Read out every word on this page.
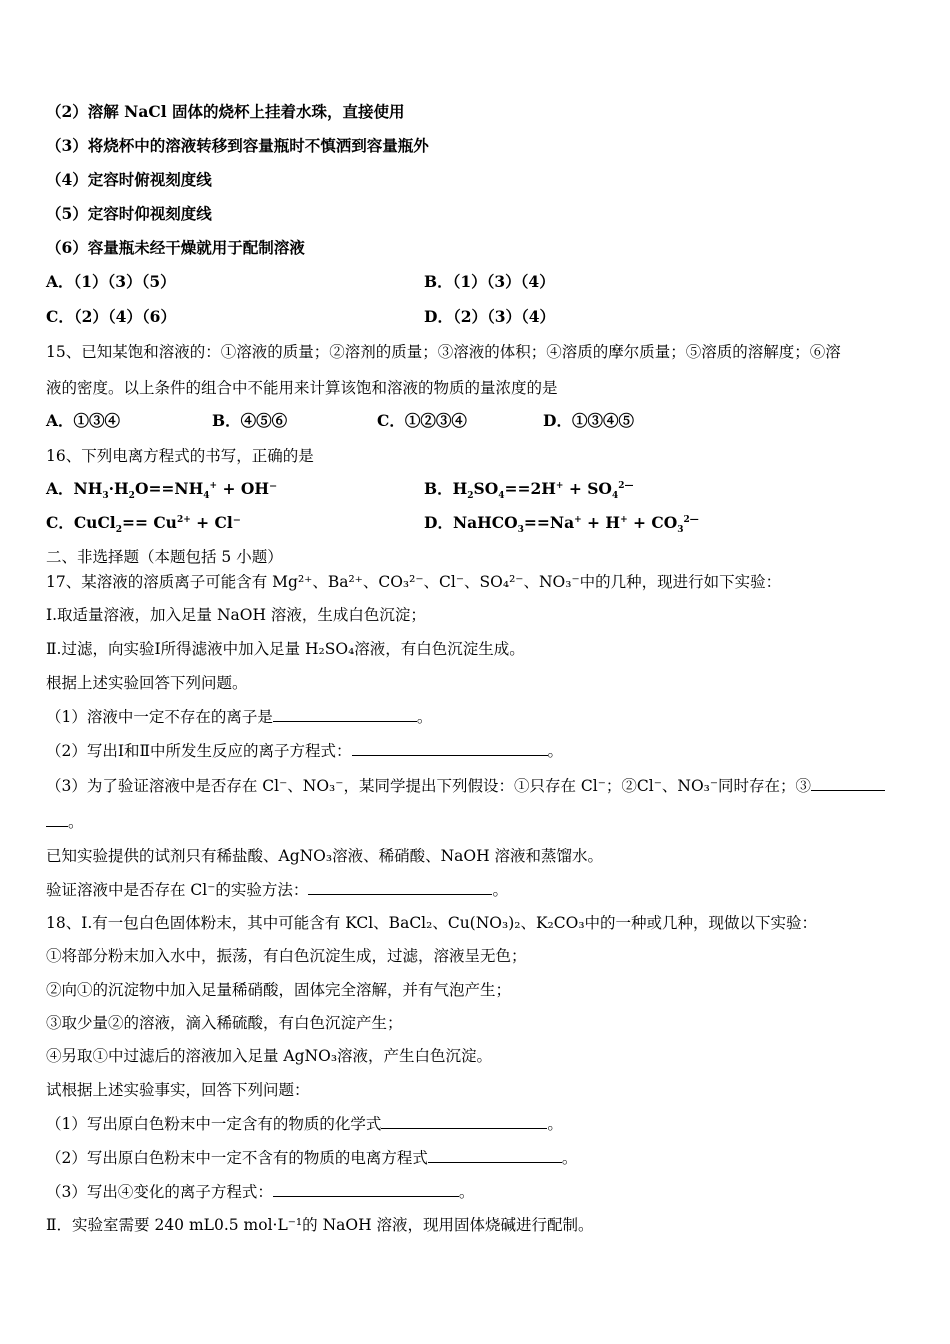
（2）溶解 NaCl 固体的烧杯上挂着水珠，直接使用
（3）将烧杯中的溶液转移到容量瓶时不慎洒到容量瓶外
（4）定容时俯视刻度线
（5）定容时仰视刻度线
（6）容量瓶未经干燥就用于配制溶液
A．（1）（3）（5）	B．（1）（3）（4）
C．（2）（4）（6）	D．（2）（3）（4）
15、已知某饱和溶液的：①溶液的质量；②溶剂的质量；③溶液的体积；④溶质的摩尔质量；⑤溶质的溶解度；⑥溶
液的密度。以上条件的组合中不能用来计算该饱和溶液的物质的量浓度的是
A．①③④	B．④⑤⑥	C．①②③④	D．①③④⑤
16、下列电离方程式的书写，正确的是
A．$NH_3\cdot H_2O==NH_4^+ + OH^-$	B．$H_2SO_4==2H^+ + SO_4^{2—}$
C．CuCl$_2$== $Cu^{2+} + Cl^-$	D．NaHCO$_3$==Na+ + $H^+ + CO_3^{2—}$
二、非选择题（本题包括 5 小题）
17、某溶液的溶质离子可能含有 Mg²⁺、Ba²⁺、CO₃²⁻、Cl⁻、SO₄²⁻、NO₃⁻中的几种，现进行如下实验：
Ⅰ.取适量溶液，加入足量 NaOH 溶液，生成白色沉淀；
Ⅱ.过滤，向实验Ⅰ所得滤液中加入足量 H₂SO₄溶液，有白色沉淀生成。
根据上述实验回答下列问题。
（1）溶液中一定不存在的离子是	。
（2）写出Ⅰ和Ⅱ中所发生反应的离子方程式：	。
（3）为了验证溶液中是否存在 Cl⁻、NO₃⁻，某同学提出下列假设：①只存在 Cl⁻；②Cl⁻、NO₃⁻同时存在；③
。
已知实验提供的试剂只有稀盐酸、AgNO₃溶液、稀硝酸、NaOH 溶液和蒸馏水。
验证溶液中是否存在 Cl⁻的实验方法：	。
18、Ⅰ.有一包白色固体粉末，其中可能含有 KCl、BaCl₂、Cu(NO₃)₂、K₂CO₃中的一种或几种，现做以下实验：
①将部分粉末加入水中，振荡，有白色沉淀生成，过滤，溶液呈无色；
②向①的沉淀物中加入足量稀硝酸，固体完全溶解，并有气泡产生；
③取少量②的溶液，滴入稀硫酸，有白色沉淀产生；
④另取①中过滤后的溶液加入足量 AgNO₃溶液，产生白色沉淀。
试根据上述实验事实，回答下列问题：
（1）写出原白色粉末中一定含有的物质的化学式	。
（2）写出原白色粉末中一定不含有的物质的电离方程式	。
（3）写出④变化的离子方程式：	。
Ⅱ．实验室需要 240 mL0.5 mol·L⁻¹的 NaOH 溶液，现用固体烧碱进行配制。
